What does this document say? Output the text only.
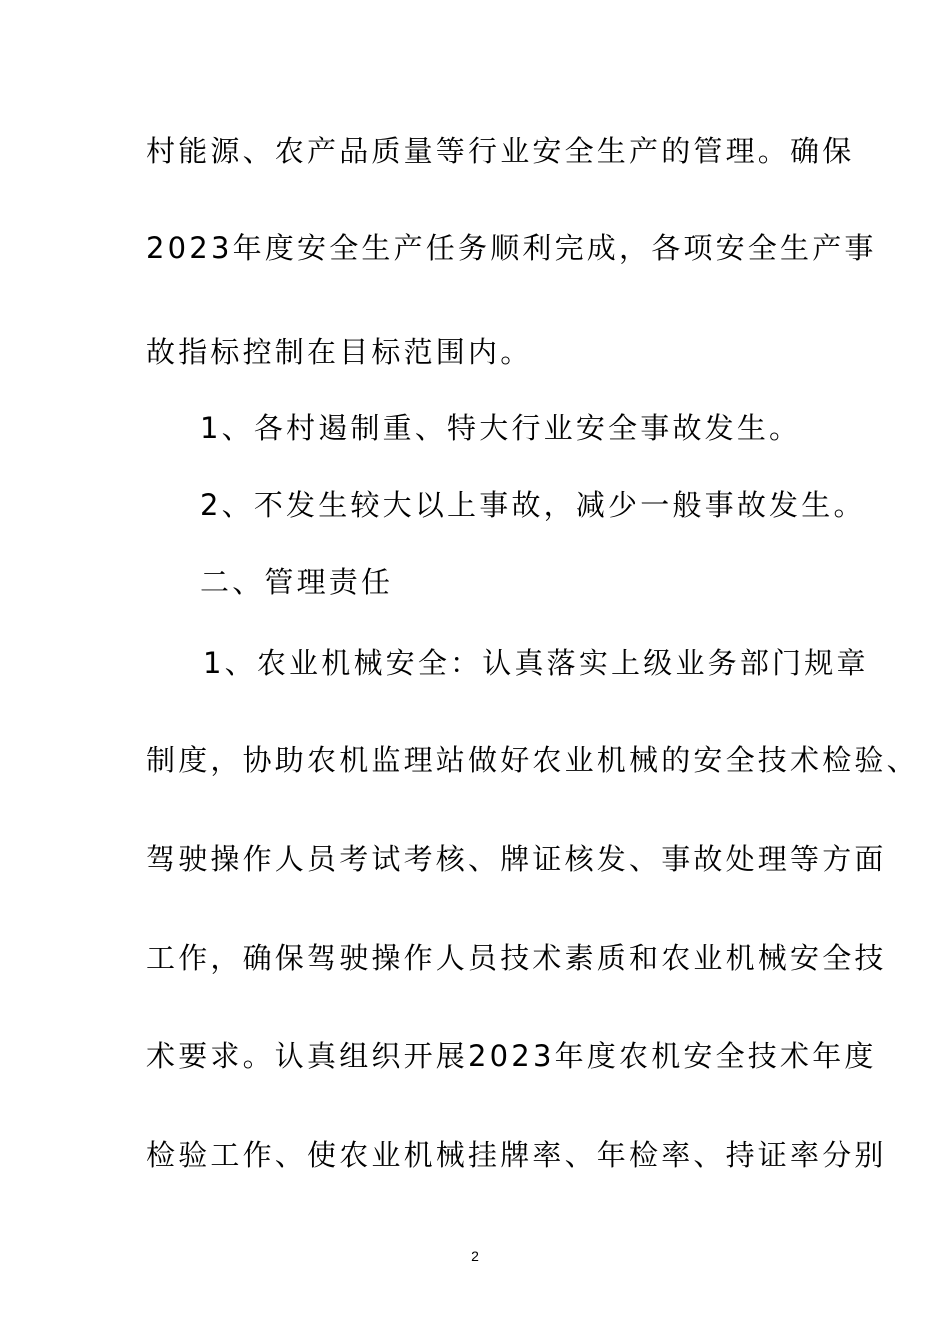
村能源、农产品质量等行业安全生产的管理。确保
2023年度安全生产任务顺利完成，各项安全生产事
故指标控制在目标范围内。
1、各村遏制重、特大行业安全事故发生。
2、不发生较大以上事故，减少一般事故发生。
二、管理责任
1、农业机械安全：认真落实上级业务部门规章
制度，协助农机监理站做好农业机械的安全技术检验、
驾驶操作人员考试考核、牌证核发、事故处理等方面
工作，确保驾驶操作人员技术素质和农业机械安全技
术要求。认真组织开展2023年度农机安全技术年度
检验工作、使农业机械挂牌率、年检率、持证率分别
2
